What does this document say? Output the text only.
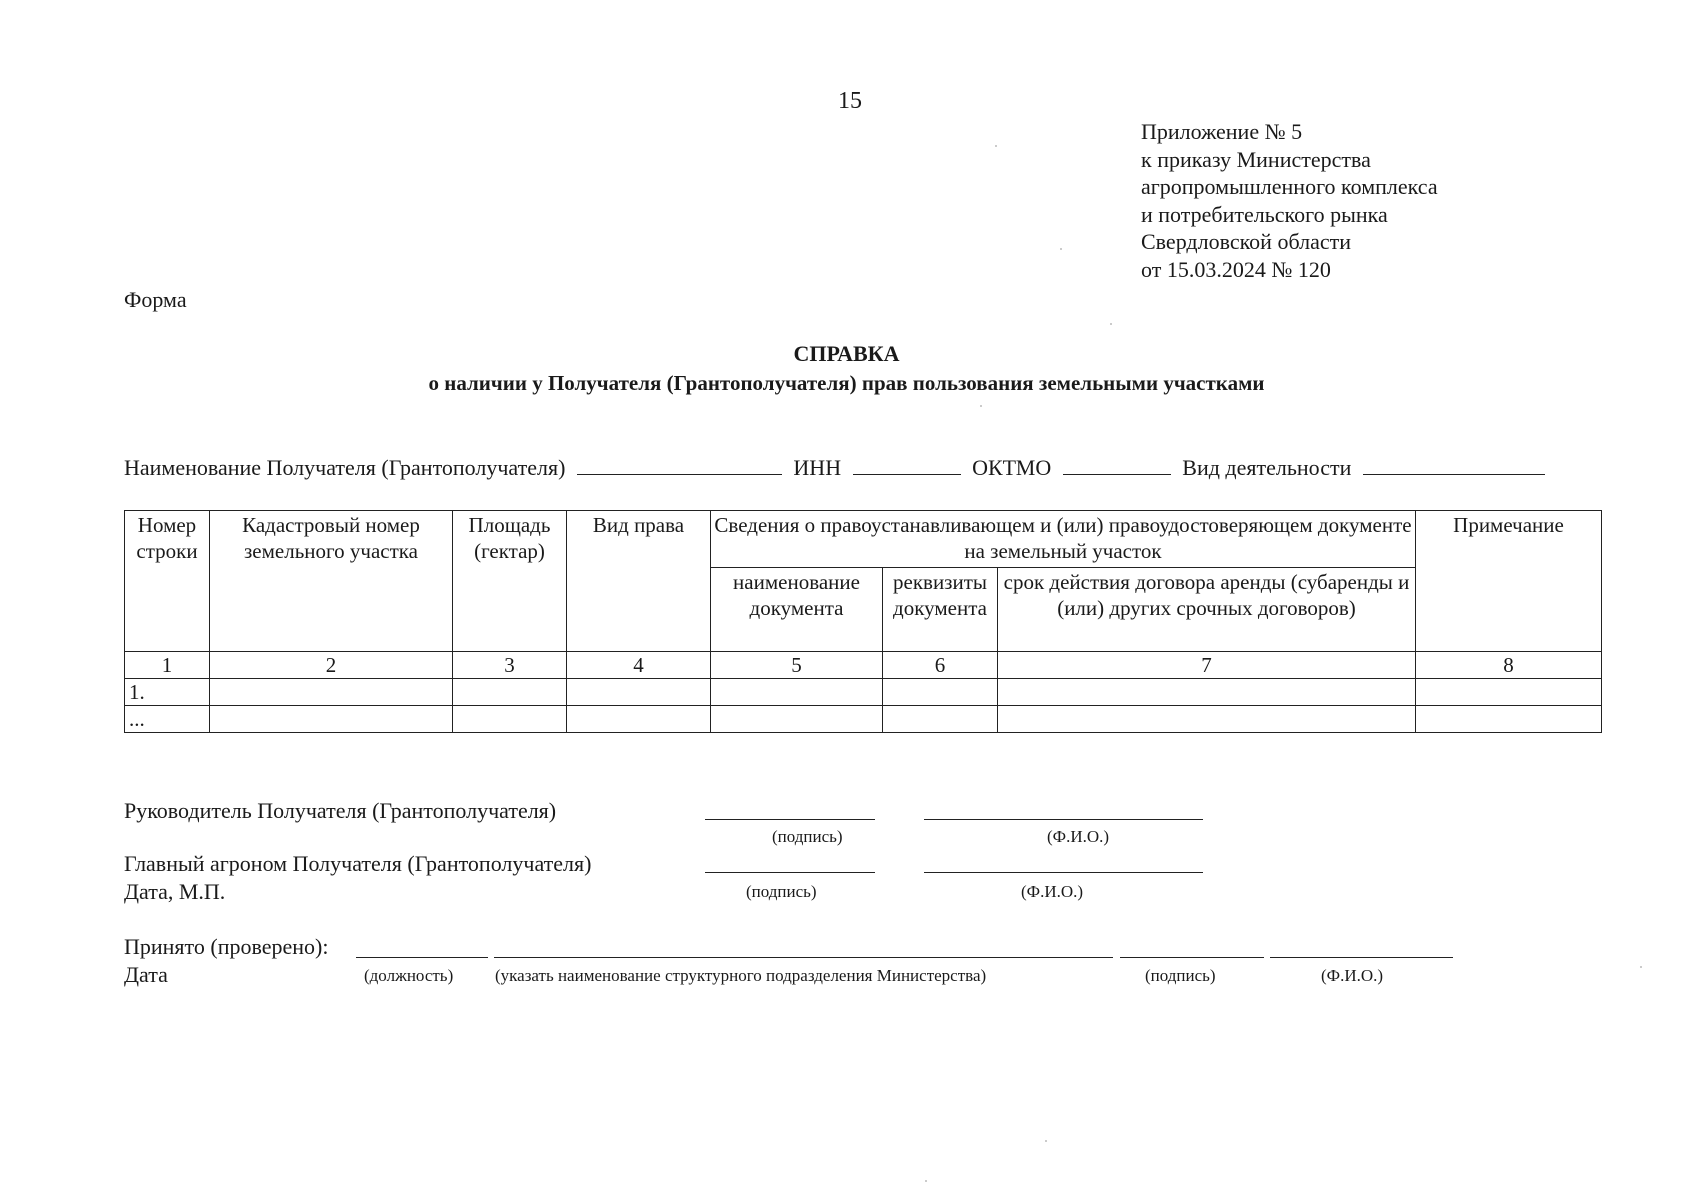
15
Приложение № 5
к приказу Министерства
агропромышленного комплекса
и потребительского рынка
Свердловской области
от 15.03.2024 № 120
Форма
СПРАВКА
о наличии у Получателя (Грантополучателя) прав пользования земельными участками
Наименование Получателя (Грантополучателя)	ИНН	ОКТМО	Вид деятельности
Номер строки	Кадастровый номер земельного участка	Площадь (гектар)	Вид права	Сведения о правоустанавливающем и (или) правоудостоверяющем документе на земельный участок			Примечание
				наименование документа	реквизиты документа	срок действия договора аренды (субаренды и (или) других срочных договоров)	
1	2	3	4	5	6	7	8
1.							
...							
Руководитель Получателя (Грантополучателя)
(подпись)	(Ф.И.О.)
Главный агроном Получателя (Грантополучателя)
Дата, М.П.	(подпись)	(Ф.И.О.)
Принято (проверено):
Дата	(должность) (указать наименование структурного подразделения Министерства)	(подпись)	(Ф.И.О.)
